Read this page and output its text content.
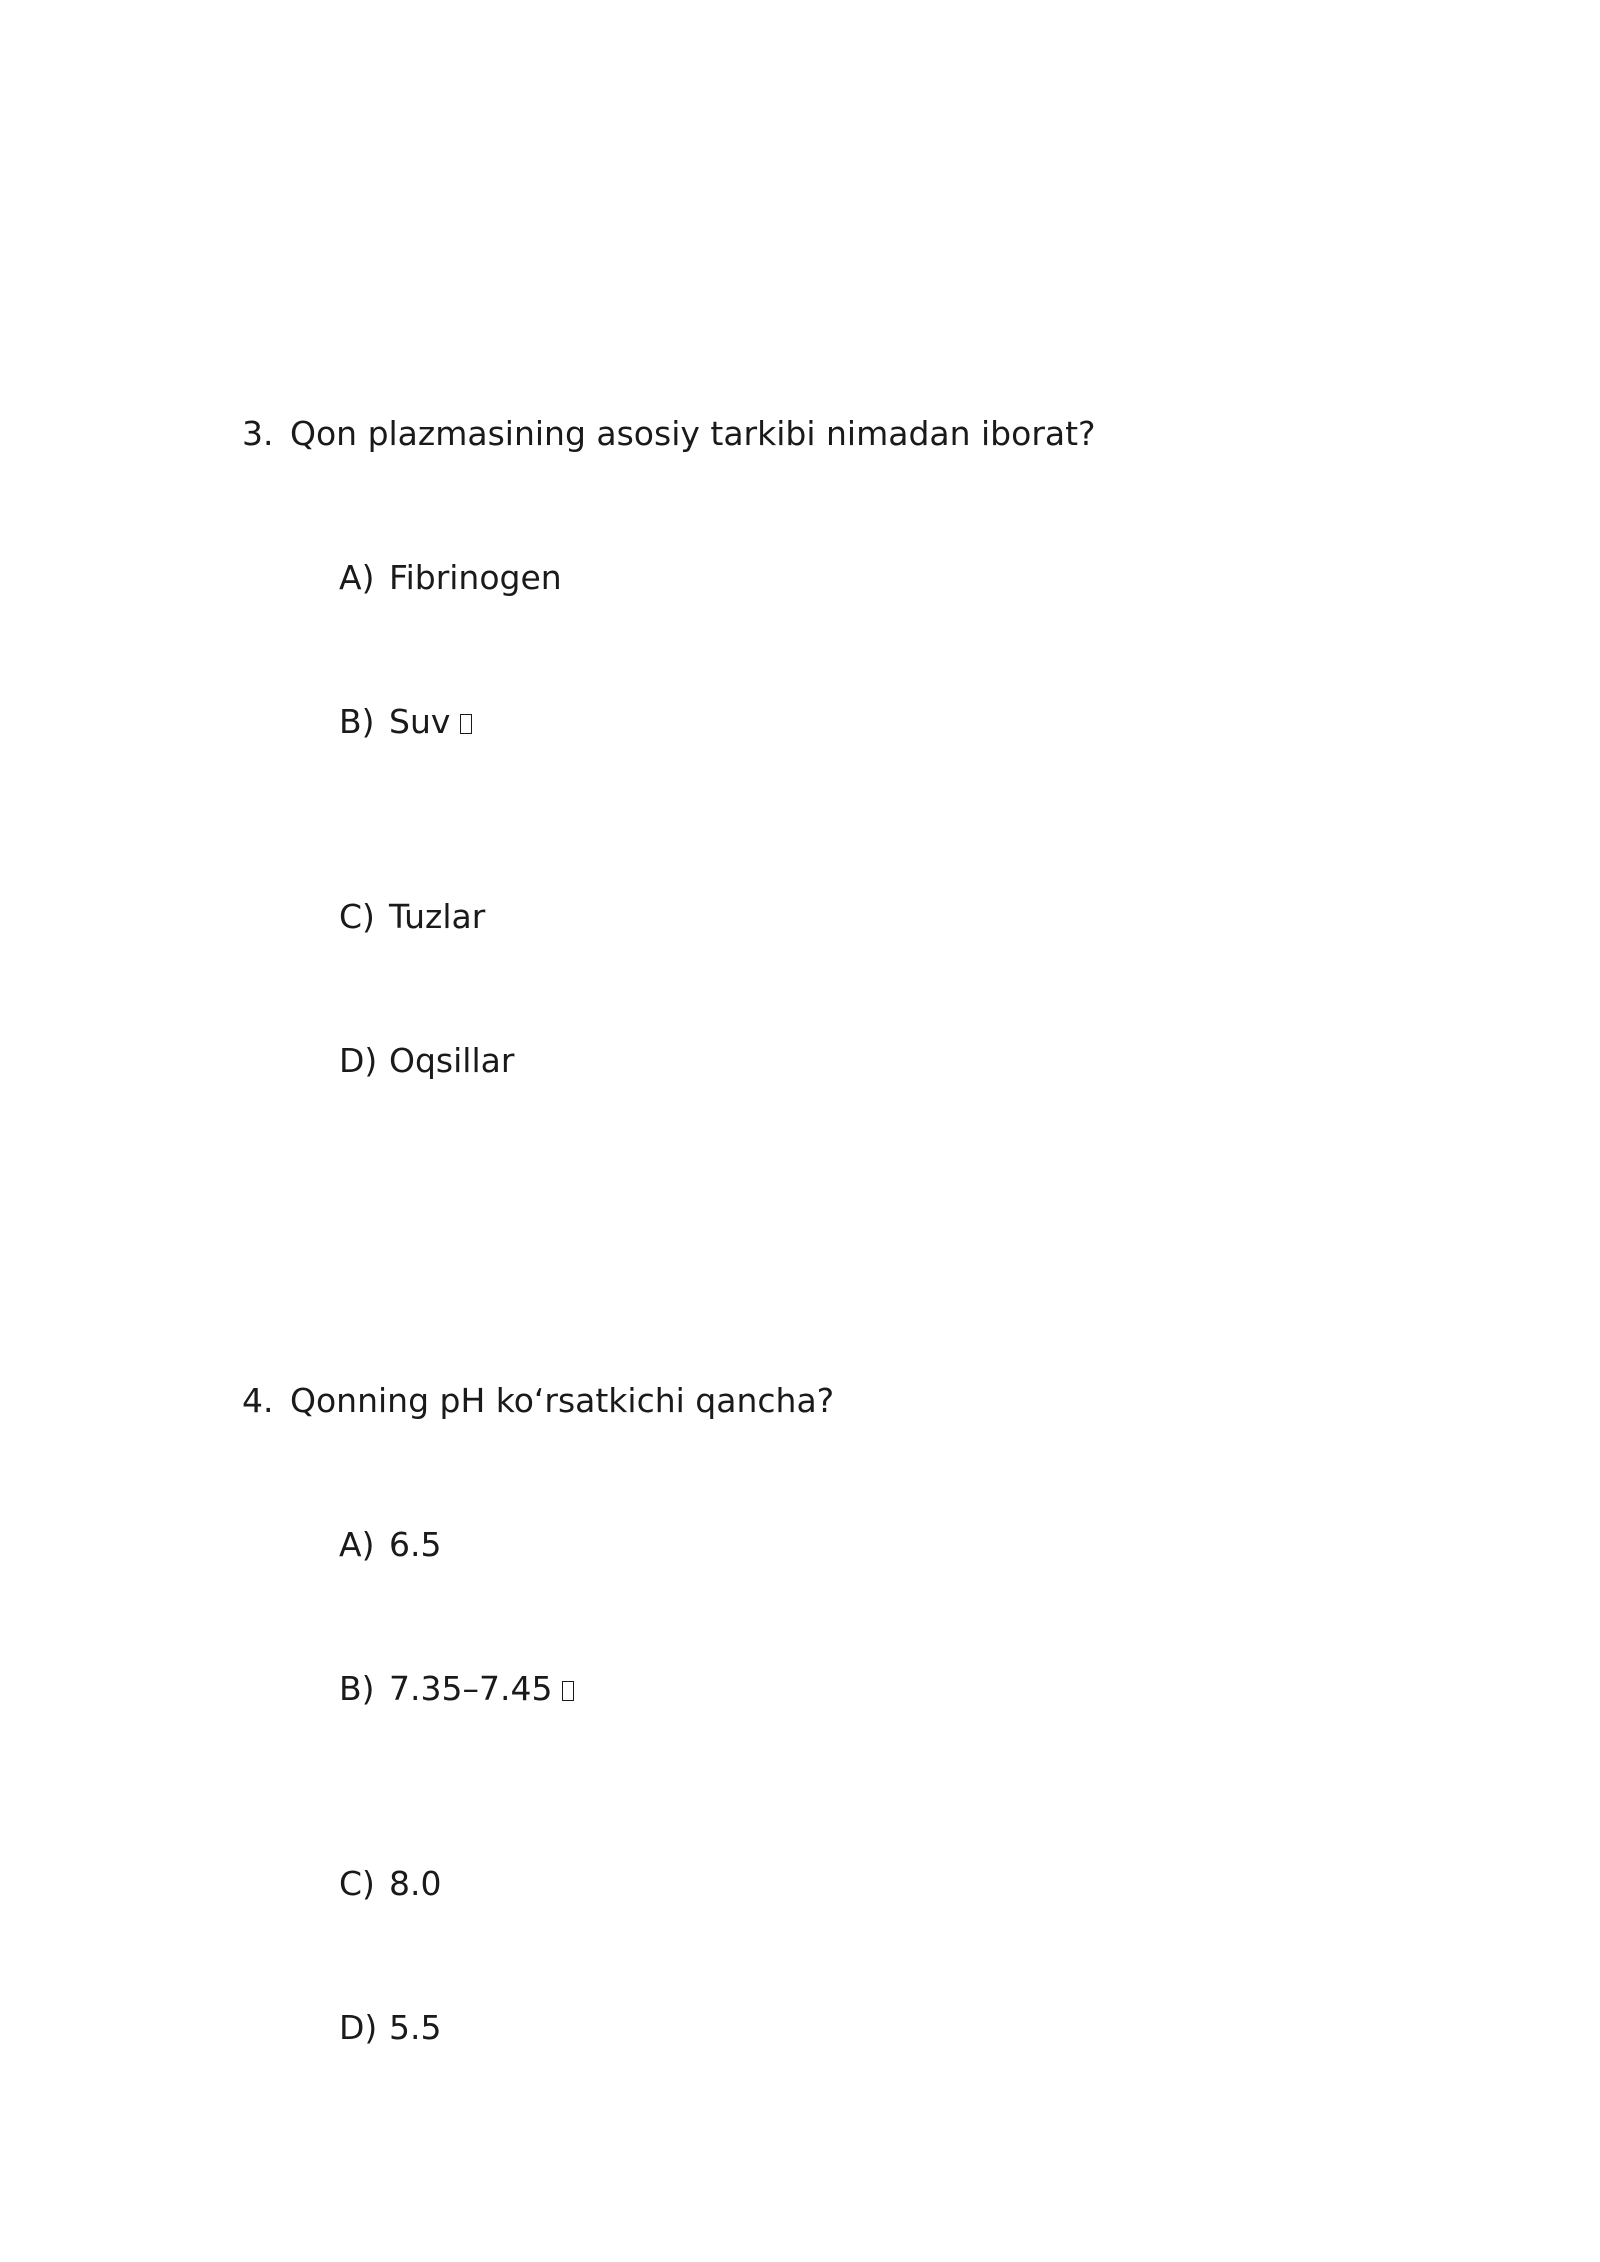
3. Qon plazmasining asosiy tarkibi nimadan iborat?
A) Fibrinogen
B) Suv
C) Tuzlar
D) Oqsillar
4. Qonning pH ko‘rsatkichi qancha?
A) 6.5
B) 7.35–7.45
C) 8.0
D) 5.5
